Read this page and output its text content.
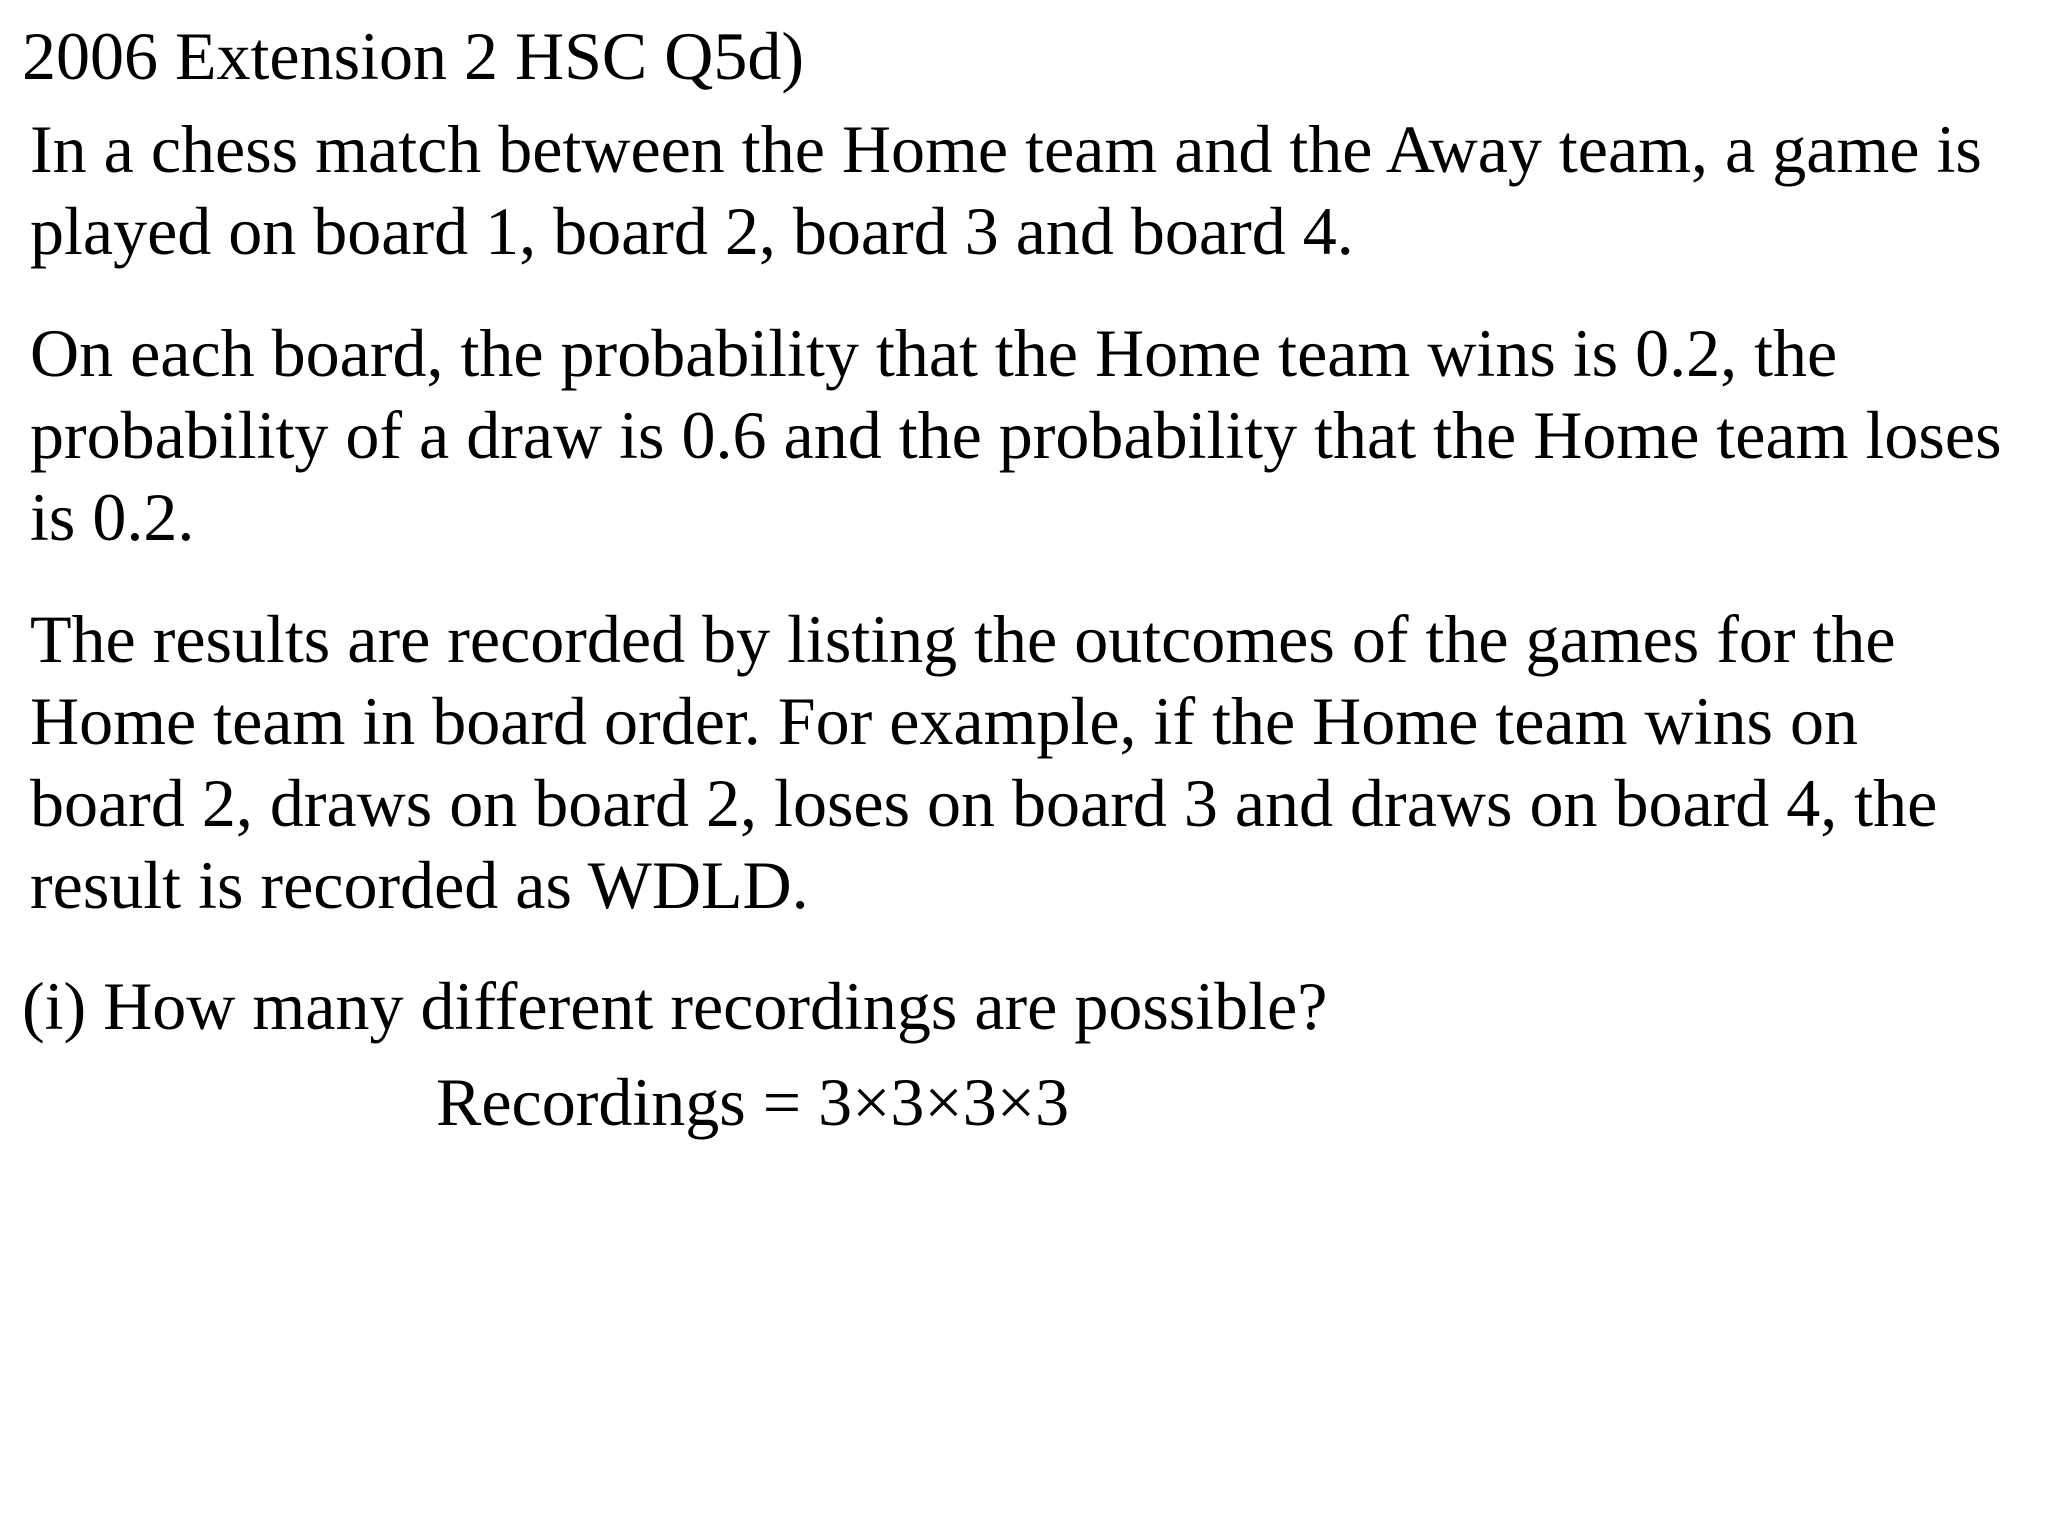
2006 Extension 2 HSC Q5d)
In a chess match between the Home team and the Away team, a game is
played on board 1, board 2, board 3 and board 4.
On each board, the probability that the Home team wins is 0.2, the
probability of a draw is 0.6 and the probability that the Home team loses
is 0.2.
The results are recorded by listing the outcomes of the games for the
Home team in board order. For example, if the Home team wins on
board 2, draws on board 2, loses on board 3 and draws on board 4, the
result is recorded as WDLD.
(i) How many different recordings are possible?
Recordings = 3×3×3×3
